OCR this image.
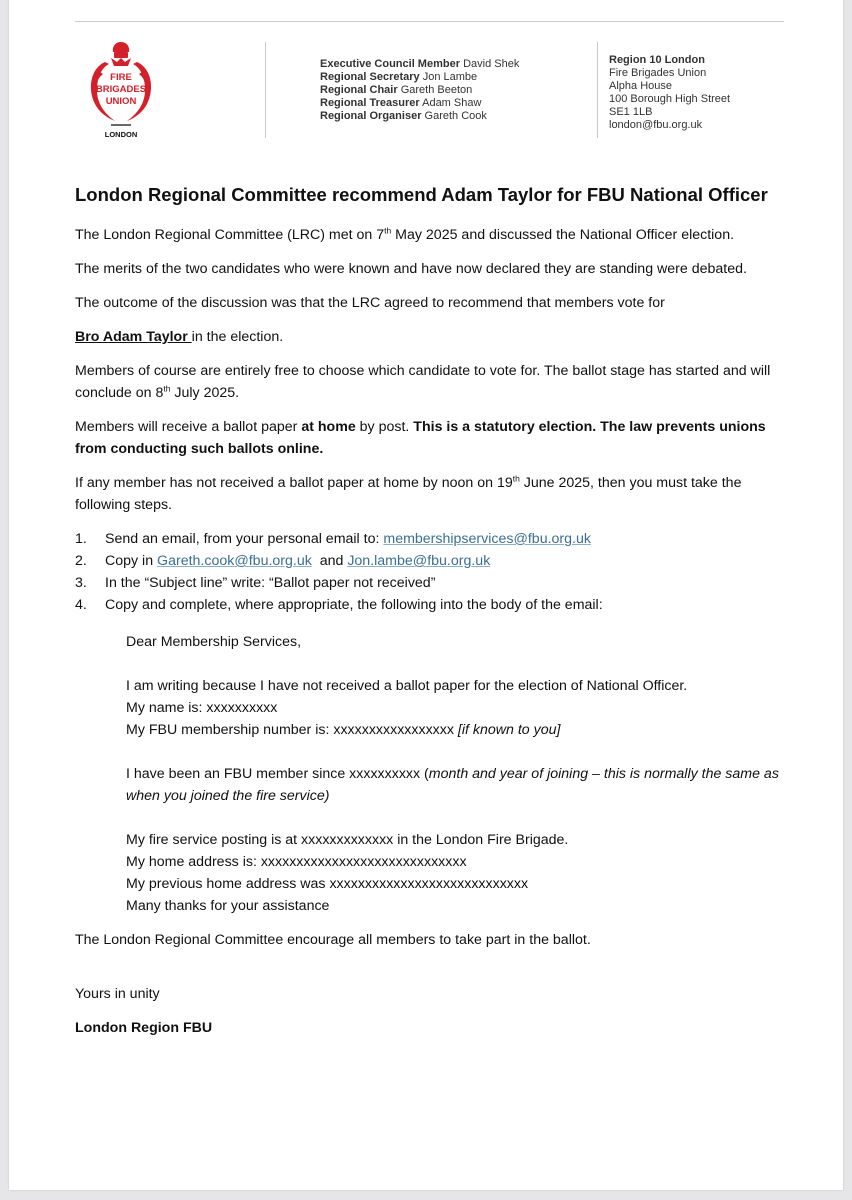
FIRE
BRIGADES
UNION
LONDON
Executive Council Member David Shek
Regional Secretary Jon Lambe
Regional Chair Gareth Beeton
Regional Treasurer Adam Shaw
Regional Organiser Gareth Cook
Region 10 London
Fire Brigades Union
Alpha House
100 Borough High Street
SE1 1LB
london@fbu.org.uk
London Regional Committee recommend Adam Taylor for FBU National Officer

The London Regional Committee (LRC) met on 7th May 2025 and discussed the National Officer election.

The merits of the two candidates who were known and have now declared they are standing were debated.

The outcome of the discussion was that the LRC agreed to recommend that members vote for

Bro Adam Taylor in the election.

Members of course are entirely free to choose which candidate to vote for. The ballot stage has started and will conclude on 8th July 2025.

Members will receive a ballot paper at home by post. This is a statutory election. The law prevents unions from conducting such ballots online.

If any member has not received a ballot paper at home by noon on 19th June 2025, then you must take the following steps.

1.	Send an email, from your personal email to: membershipservices@fbu.org.uk
2.	Copy in Gareth.cook@fbu.org.uk  and Jon.lambe@fbu.org.uk
3.	In the “Subject line” write: “Ballot paper not received”
4.	Copy and complete, where appropriate, the following into the body of the email:
Dear Membership Services,
I am writing because I have not received a ballot paper for the election of National Officer.
My name is: xxxxxxxxxx
My FBU membership number is: xxxxxxxxxxxxxxxxx [if known to you]
I have been an FBU member since xxxxxxxxxx (month and year of joining – this is normally the same as when you joined the fire service)
My fire service posting is at xxxxxxxxxxxxx in the London Fire Brigade.
My home address is: xxxxxxxxxxxxxxxxxxxxxxxxxxxxx
My previous home address was xxxxxxxxxxxxxxxxxxxxxxxxxxxx
Many thanks for your assistance

The London Regional Committee encourage all members to take part in the ballot.

Yours in unity

London Region FBU
